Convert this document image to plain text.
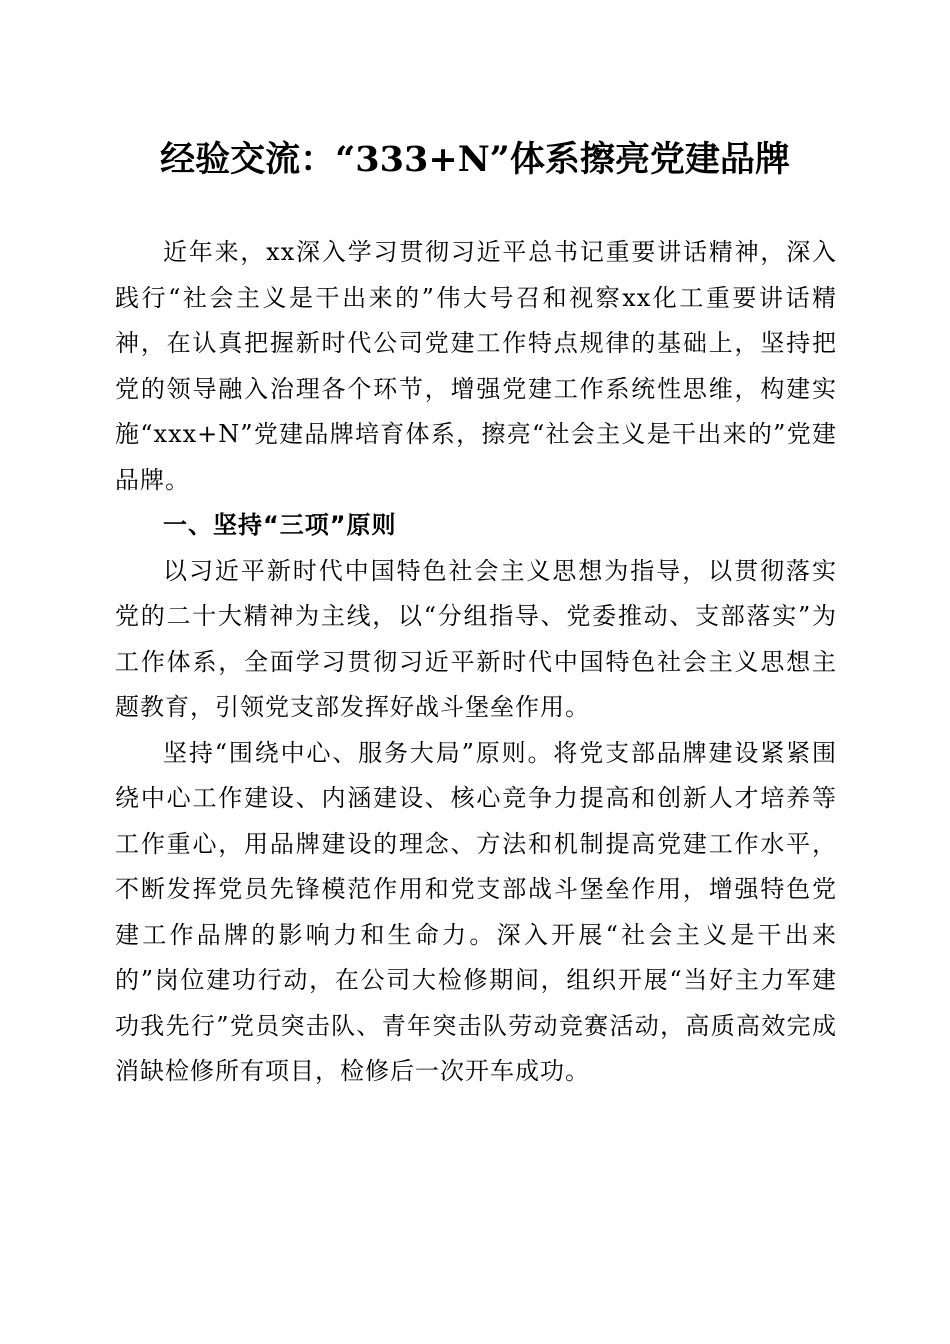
经验交流：“333+N”体系擦亮党建品牌

近年来，xx深入学习贯彻习近平总书记重要讲话精神，深入践行“社会主义是干出来的”伟大号召和视察xx化工重要讲话精神，在认真把握新时代公司党建工作特点规律的基础上，坚持把党的领导融入治理各个环节，增强党建工作系统性思维，构建实施“xxx+N”党建品牌培育体系，擦亮“社会主义是干出来的”党建品牌。

一、坚持“三项”原则

以习近平新时代中国特色社会主义思想为指导，以贯彻落实党的二十大精神为主线，以“分组指导、党委推动、支部落实”为工作体系，全面学习贯彻习近平新时代中国特色社会主义思想主题教育，引领党支部发挥好战斗堡垒作用。

坚持“围绕中心、服务大局”原则。将党支部品牌建设紧紧围绕中心工作建设、内涵建设、核心竞争力提高和创新人才培养等工作重心，用品牌建设的理念、方法和机制提高党建工作水平，不断发挥党员先锋模范作用和党支部战斗堡垒作用，增强特色党建工作品牌的影响力和生命力。深入开展“社会主义是干出来的”岗位建功行动，在公司大检修期间，组织开展“当好主力军建功我先行”党员突击队、青年突击队劳动竞赛活动，高质高效完成消缺检修所有项目，检修后一次开车成功。
